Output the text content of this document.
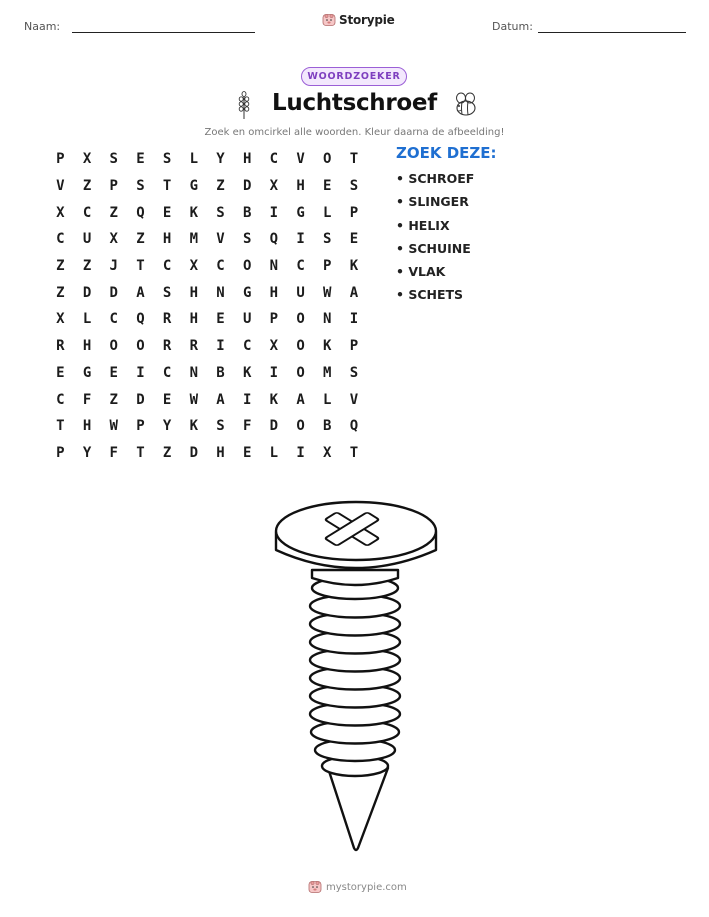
Naam:	Storypie	Datum:
WOORDZOEKER
Luchtschroef
Zoek en omcirkel alle woorden. Kleur daarna de afbeelding!
P	X	S	E	S	L	Y	H	C	V	O	T
V	Z	P	S	T	G	Z	D	X	H	E	S
X	C	Z	Q	E	K	S	B	I	G	L	P
C	U	X	Z	H	M	V	S	Q	I	S	E
Z	Z	J	T	C	X	C	O	N	C	P	K
Z	D	D	A	S	H	N	G	H	U	W	A
X	L	C	Q	R	H	E	U	P	O	N	I
R	H	O	O	R	R	I	C	X	O	K	P
E	G	E	I	C	N	B	K	I	O	M	S
C	F	Z	D	E	W	A	I	K	A	L	V
T	H	W	P	Y	K	S	F	D	O	B	Q
P	Y	F	T	Z	D	H	E	L	I	X	T
ZOEK DEZE:
• SCHROEF
• SLINGER
• HELIX
• SCHUINE
• VLAK
• SCHETS
mystorypie.com
